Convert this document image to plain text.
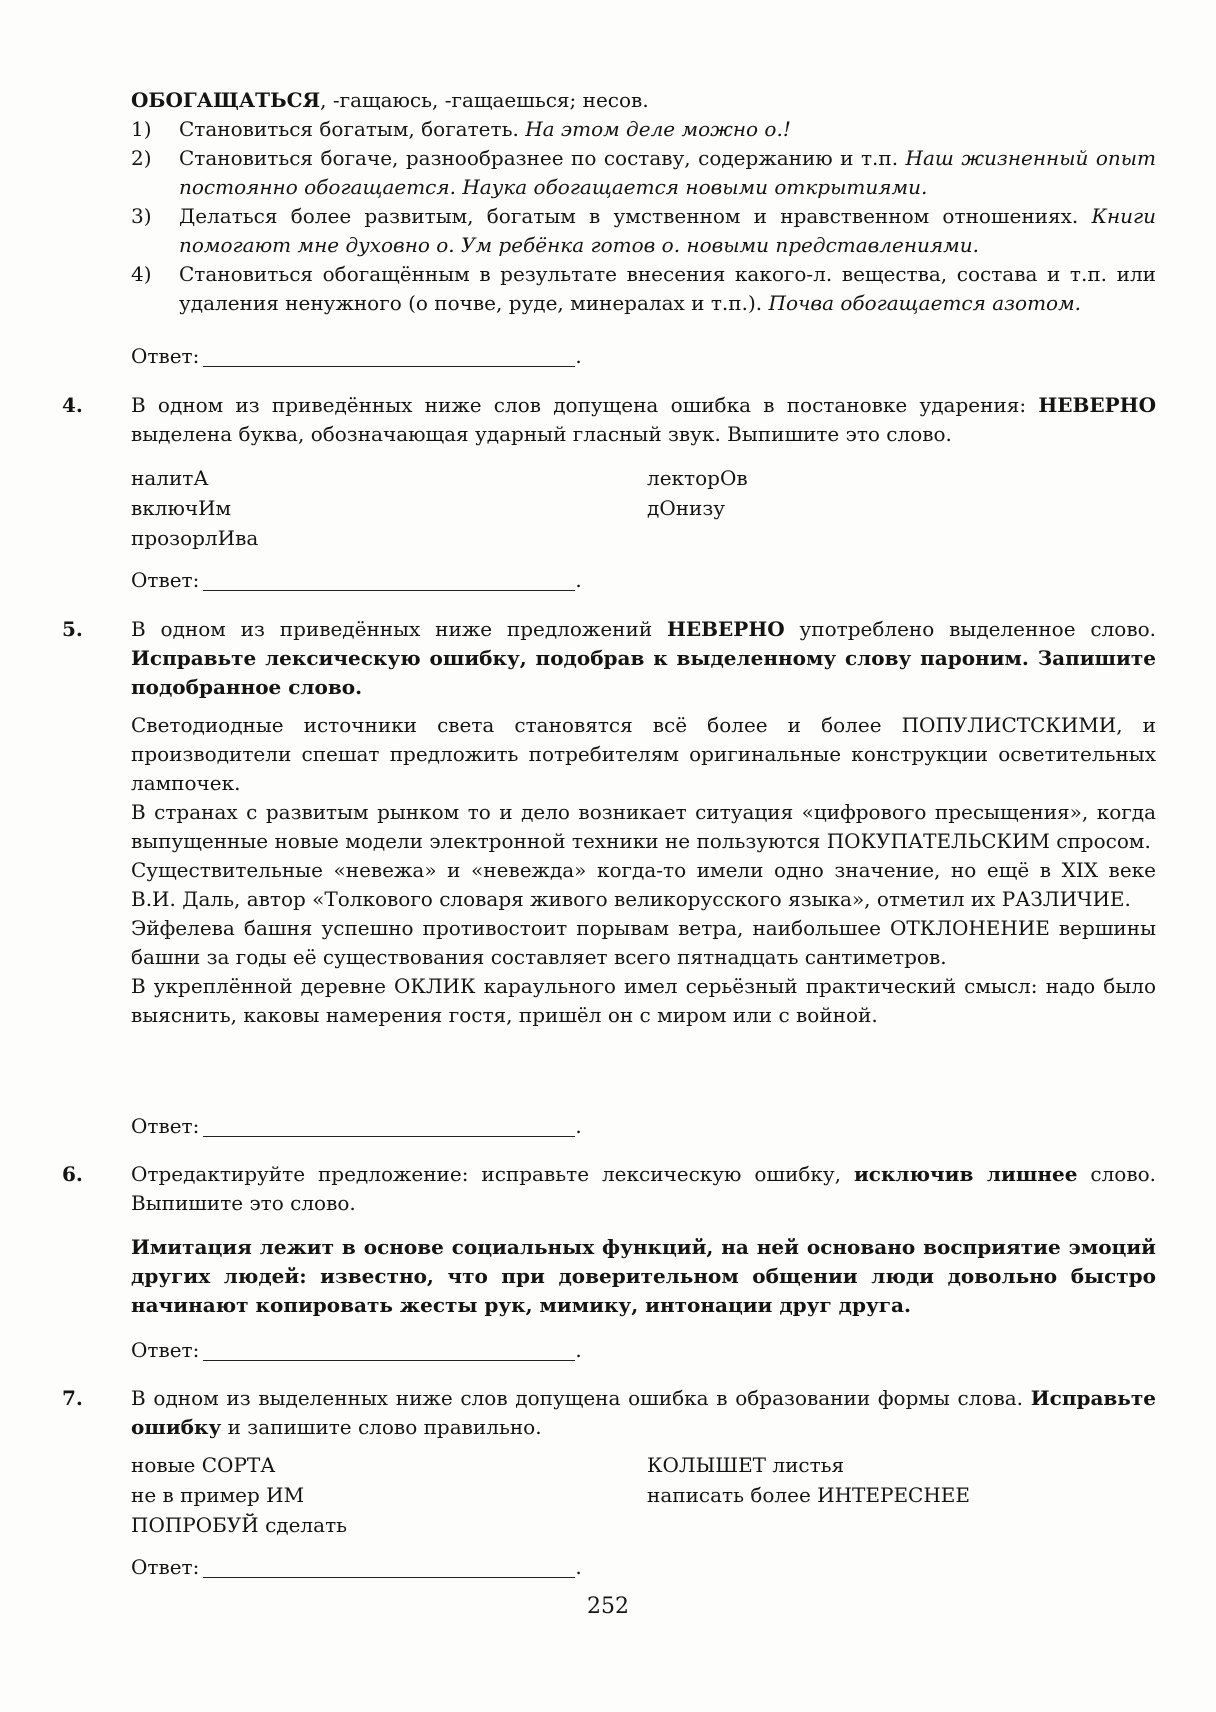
ОБОГАЩАТЬСЯ, -гащаюсь, -гащаешься; несов.
1)	Становиться богатым, богатеть. На этом деле можно о.!
2)	Становиться богаче, разнообразнее по составу, содержанию и т.п. Наш жизненный опыт постоянно обогащается. Наука обогащается новыми открытиями.
3)	Делаться более развитым, богатым в умственном и нравственном отношениях. Книги помогают мне духовно о. Ум ребёнка готов о. новыми представлениями.
4)	Становиться обогащённым в результате внесения какого-л. вещества, состава и т.п. или удаления ненужного (о почве, руде, минералах и т.п.). Почва обогащается азотом.
Ответ:	.
4. В одном из приведённых ниже слов допущена ошибка в постановке ударения: НЕВЕРНО выделена буква, обозначающая ударный гласный звук. Выпишите это слово.
налитА
включИм
прозорлИва
лекторОв
дОнизу
Ответ:	.
5. В одном из приведённых ниже предложений НЕВЕРНО употреблено выделенное слово. Исправьте лексическую ошибку, подобрав к выделенному слову пароним. Запишите подобранное слово.

Светодиодные источники света становятся всё более и более ПОПУЛИСТСКИМИ, и производители спешат предложить потребителям оригинальные конструкции осветительных лампочек.

В странах с развитым рынком то и дело возникает ситуация «цифрового пресыщения», когда выпущенные новые модели электронной техники не пользуются ПОКУПАТЕЛЬСКИМ спросом.

Существительные «невежа» и «невежда» когда-то имели одно значение, но ещё в XIX веке В.И. Даль, автор «Толкового словаря живого великорусского языка», отметил их РАЗЛИЧИЕ.

Эйфелева башня успешно противостоит порывам ветра, наибольшее ОТКЛОНЕНИЕ вершины башни за годы её существования составляет всего пятнадцать сантиметров.

В укреплённой деревне ОКЛИК караульного имел серьёзный практический смысл: надо было выяснить, каковы намерения гостя, пришёл он с миром или с войной.

Ответ:	.
6. Отредактируйте предложение: исправьте лексическую ошибку, исключив лишнее слово. Выпишите это слово.
Имитация лежит в основе социальных функций, на ней основано восприятие эмоций других людей: известно, что при доверительном общении люди довольно быстро начинают копировать жесты рук, мимику, интонации друг друга.
Ответ:	.
7. В одном из выделенных ниже слов допущена ошибка в образовании формы слова. Исправьте ошибку и запишите слово правильно.
новые СОРТА
не в пример ИМ
ПОПРОБУЙ сделать
КОЛЫШЕТ листья
написать более ИНТЕРЕСНЕЕ
Ответ:	.
252
